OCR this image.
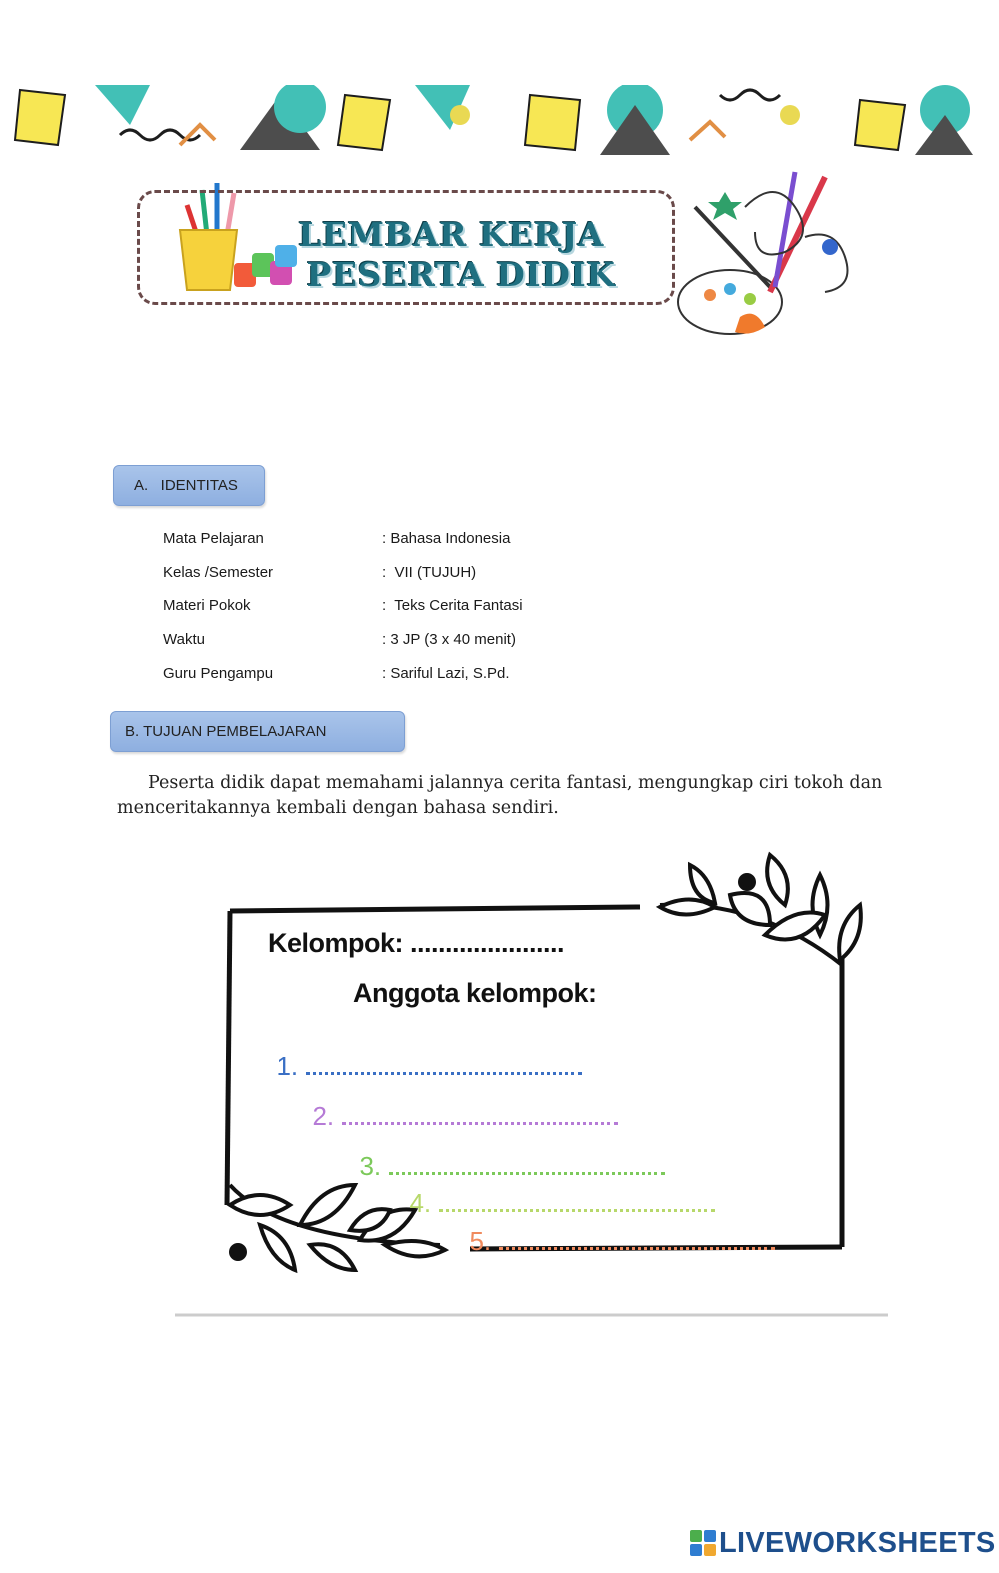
LEMBAR KERJA
PESERTA DIDIK
A.   IDENTITAS
Mata Pelajaran	: Bahasa Indonesia
Kelas /Semester	:  VII (TUJUH)
Materi Pokok	:  Teks Cerita Fantasi
Waktu	: 3 JP (3 x 40 menit)
Guru Pengampu	: Sariful Lazi, S.Pd.
B. TUJUAN PEMBELAJARAN

Peserta didik dapat memahami jalannya cerita fantasi, mengungkap ciri tokoh dan menceritakannya kembali dengan bahasa sendiri.

Kelompok: ......................
Anggota kelompok:

1.

2.

3.

4.

5.

LIVEWORKSHEETS
